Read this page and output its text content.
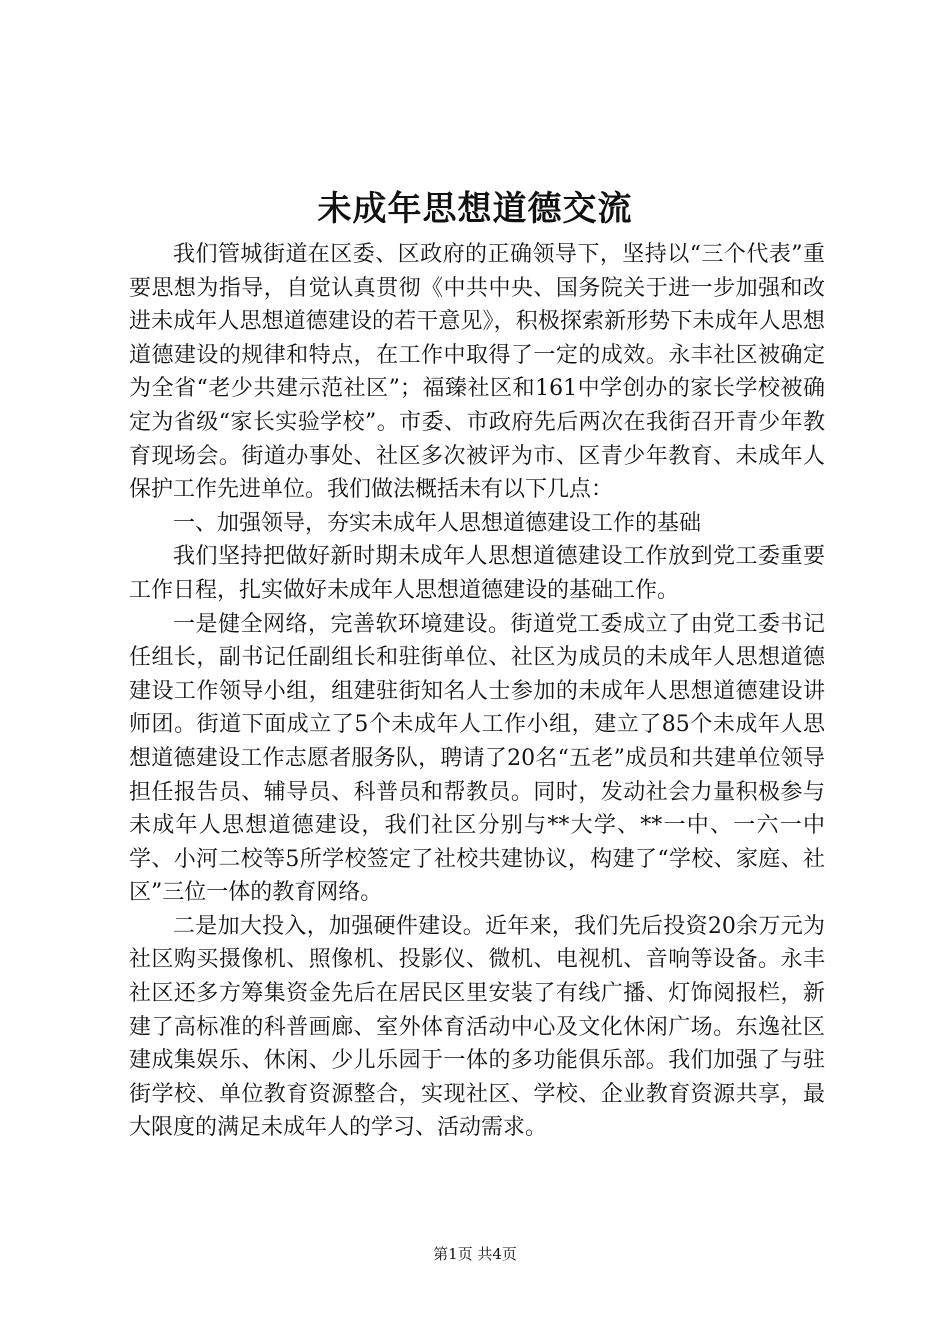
未成年思想道德交流

我们管城街道在区委、区政府的正确领导下，坚持以“三个代表”重要思想为指导，自觉认真贯彻《中共中央、国务院关于进一步加强和改进未成年人思想道德建设的若干意见》，积极探索新形势下未成年人思想道德建设的规律和特点，在工作中取得了一定的成效。永丰社区被确定为全省“老少共建示范社区”；福臻社区和161中学创办的家长学校被确定为省级“家长实验学校”。市委、市政府先后两次在我街召开青少年教育现场会。街道办事处、社区多次被评为市、区青少年教育、未成年人保护工作先进单位。我们做法概括未有以下几点：

一、加强领导，夯实未成年人思想道德建设工作的基础

我们坚持把做好新时期未成年人思想道德建设工作放到党工委重要工作日程，扎实做好未成年人思想道德建设的基础工作。

一是健全网络，完善软环境建设。街道党工委成立了由党工委书记任组长，副书记任副组长和驻街单位、社区为成员的未成年人思想道德建设工作领导小组，组建驻街知名人士参加的未成年人思想道德建设讲师团。街道下面成立了5个未成年人工作小组，建立了85个未成年人思想道德建设工作志愿者服务队，聘请了20名“五老”成员和共建单位领导担任报告员、辅导员、科普员和帮教员。同时，发动社会力量积极参与未成年人思想道德建设，我们社区分别与**大学、**一中、一六一中学、小河二校等5所学校签定了社校共建协议，构建了“学校、家庭、社区”三位一体的教育网络。

二是加大投入，加强硬件建设。近年来，我们先后投资20余万元为社区购买摄像机、照像机、投影仪、微机、电视机、音响等设备。永丰社区还多方筹集资金先后在居民区里安装了有线广播、灯饰阅报栏，新建了高标准的科普画廊、室外体育活动中心及文化休闲广场。东逸社区建成集娱乐、休闲、少儿乐园于一体的多功能俱乐部。我们加强了与驻街学校、单位教育资源整合，实现社区、学校、企业教育资源共享，最大限度的满足未成年人的学习、活动需求。

第1页 共4页
